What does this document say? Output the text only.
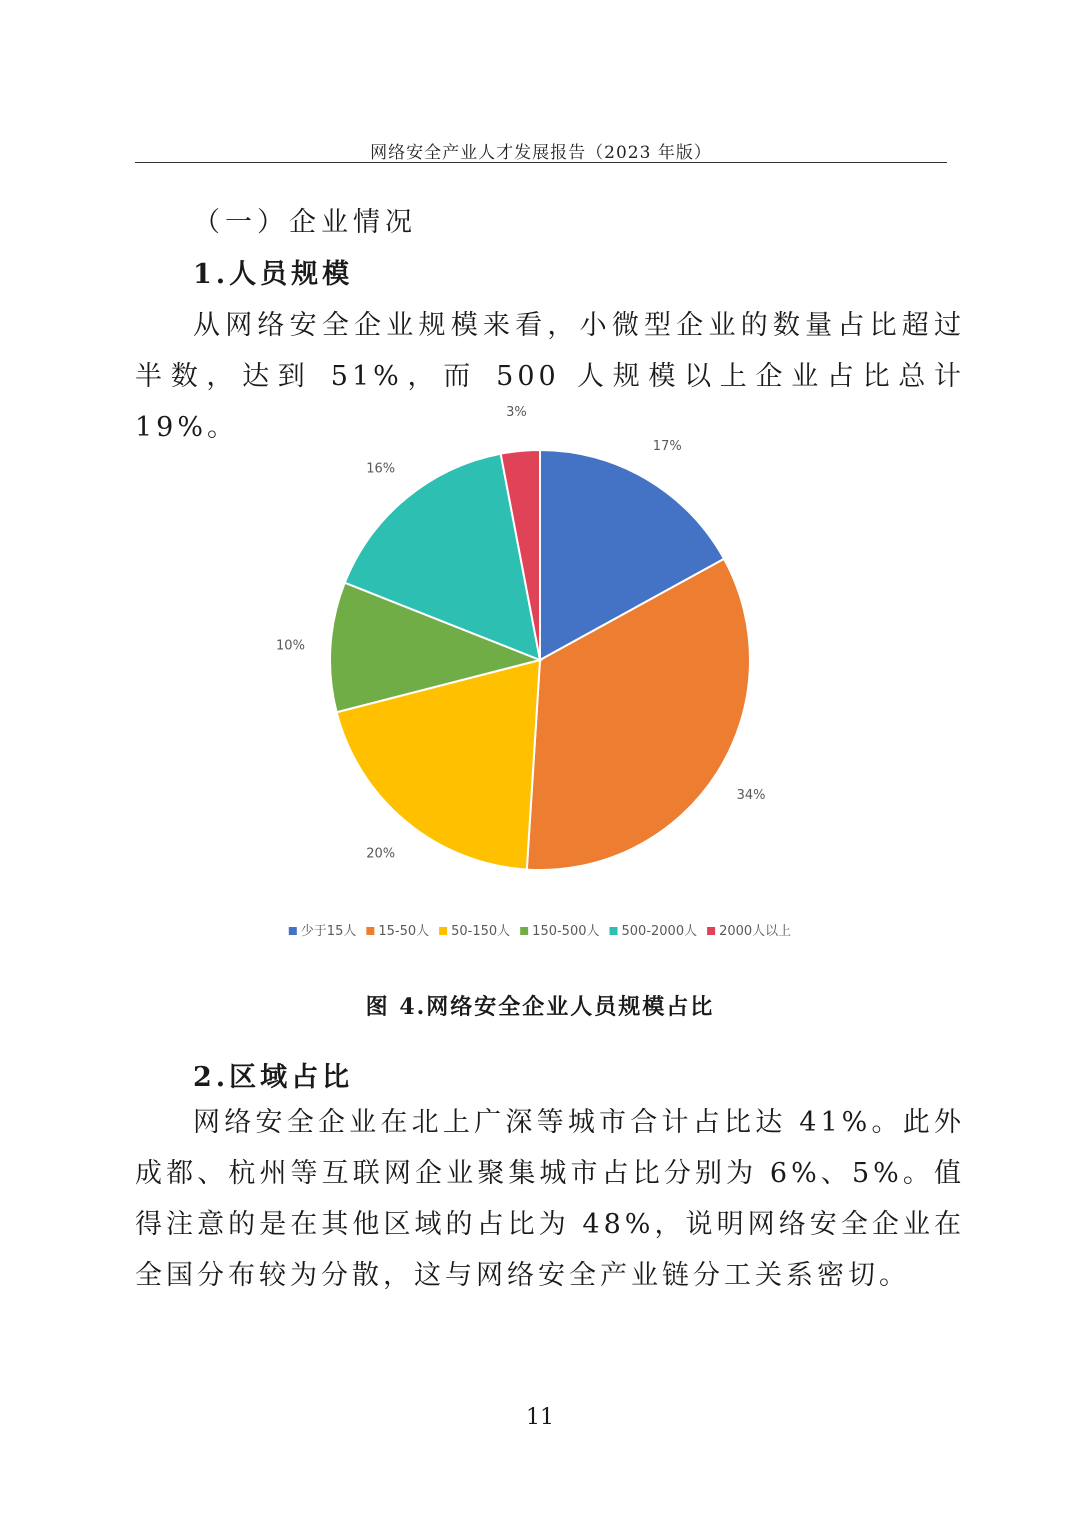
网络安全产业人才发展报告（2023 年版）
（一）企业情况
1.人员规模

从网络安全企业规模来看，小微型企业的数量占比超过半数，达到 51%，而 500 人规模以上企业占比总计 19%。

17%
34%
20%
10%
16%
3%
少于15人 15-50人 50-150人 150-500人 500-2000人 2000人以上

图 4.网络安全企业人员规模占比

2.区域占比

网络安全企业在北上广深等城市合计占比达 41%。此外成都、杭州等互联网企业聚集城市占比分别为 6%、5%。值得注意的是在其他区域的占比为 48%，说明网络安全企业在全国分布较为分散，这与网络安全产业链分工关系密切。

11
